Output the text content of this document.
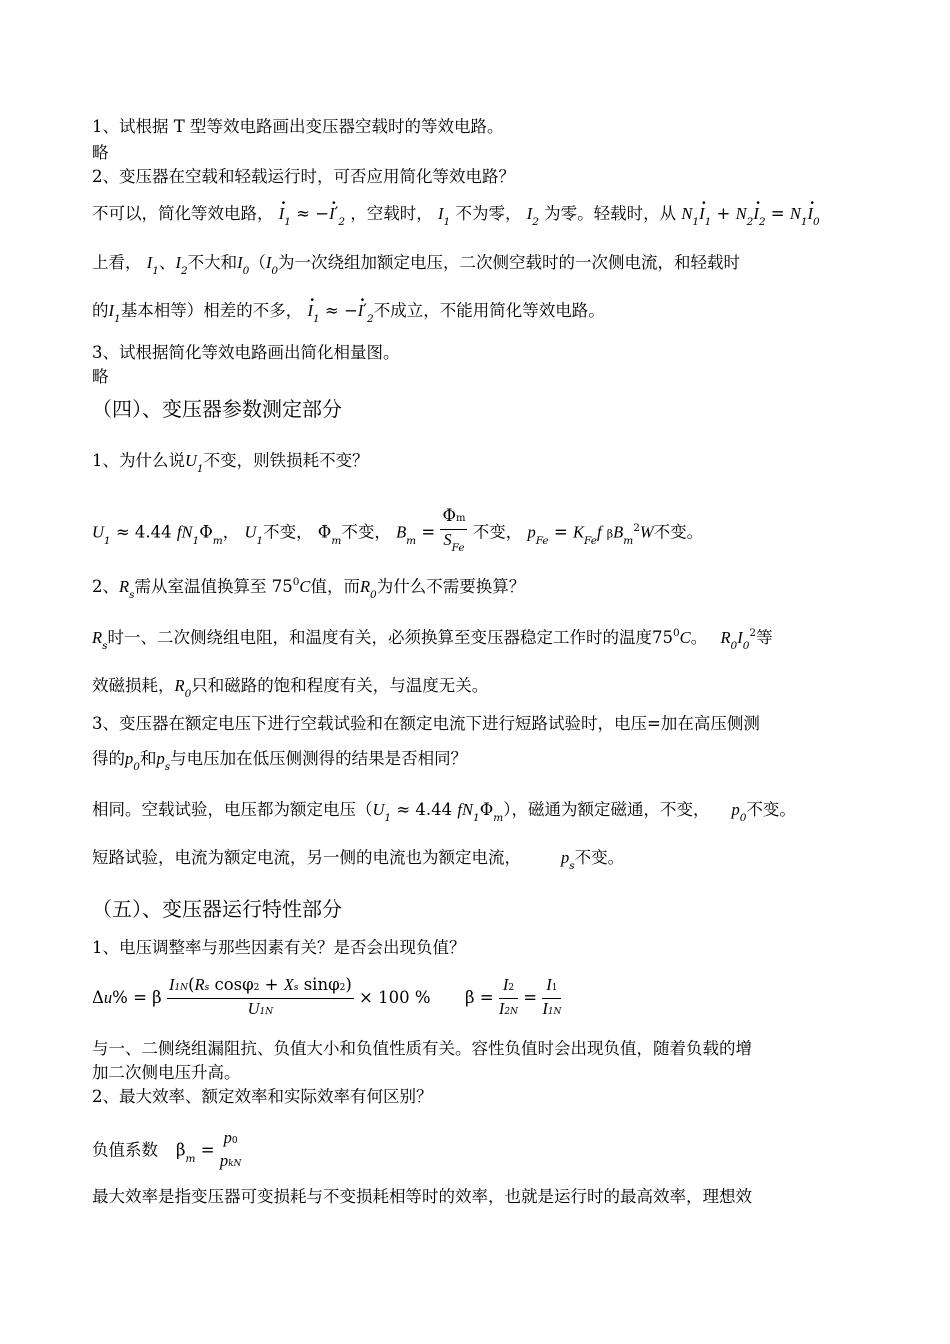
1、试根据 T 型等效电路画出变压器空载时的等效电路。
略
2、变压器在空载和轻载运行时，可否应用简化等效电路？
不可以，简化等效电路， · $I_1$ ≈ −· $I'_2$ ，空载时， $I_1$ 不为零， $I_2$ 为零。轻载时，从 $N_1\cdot I_1 + N_2\cdot I_2 = N_1\cdot I_0$
上看， $I_1$、$I_2$不大和$I_0(I_0$为一次绕组加额定电压，二次侧空载时的一次侧电流，和轻载时
的$I_1$基本相等）相差的不多， · $I_1$ ≈ −· $I'_2$不成立，不能用简化等效电路。
3、试根据简化等效电路画出简化相量图。
略
（四）、变压器参数测定部分
1、为什么说$U_1$不变，则铁损耗不变？
$U_1 \approx 4.44$ $fN_1\Phi_m$， $U_1$不变， $\Phi_m$不变， $B_m = \frac{\Phi m}{S_{Fe}}$ 不变， $p_{Fe} = K_{Fe}f$ $\beta B_m^2W$不变。
2、$R_s$需从室温值换算至 $75^0C$值，而$R_0$为什么不需要换算？
$R_s$时一、二次侧绕组电阻，和温度有关，必须换算至变压器稳定工作时的温度$75^0C$。 $R_0I_0^2$等
效磁损耗，$R_0$只和磁路的饱和程度有关，与温度无关。
3、变压器在额定电压下进行空载试验和在额定电流下进行短路试验时，电压=加在高压侧测
得的$p_0$和$p_s$与电压加在低压侧测得的结果是否相同？
相同。空载试验，电压都为额定电压（$U_1 \approx 4.44$ $fN_1\Phi_m$），磁通为额定磁通，不变， $p_0$不变。
短路试验，电流为额定电流，另一侧的电流也为额定电流， $p_s$不变。
（五）、变压器运行特性部分
1、电压调整率与那些因素有关？是否会出现负值？
Δu% = β $\frac{\text{I1N(Rs cosφ2 + Xs sinφ2)}}{U1N} \times 100$ %  $\beta = \frac{I2}{I2N} = \frac{I1}{I1N}$
与一、二侧绕组漏阻抗、负值大小和负值性质有关。容性负值时会出现负值，随着负载的增
加二次侧电压升高。
2、最大效率、额定效率和实际效率有何区别？
负值系数 $\beta_m$ =
p0
pkN
最大效率是指变压器可变损耗与不变损耗相等时的效率，也就是运行时的最高效率，理想效
